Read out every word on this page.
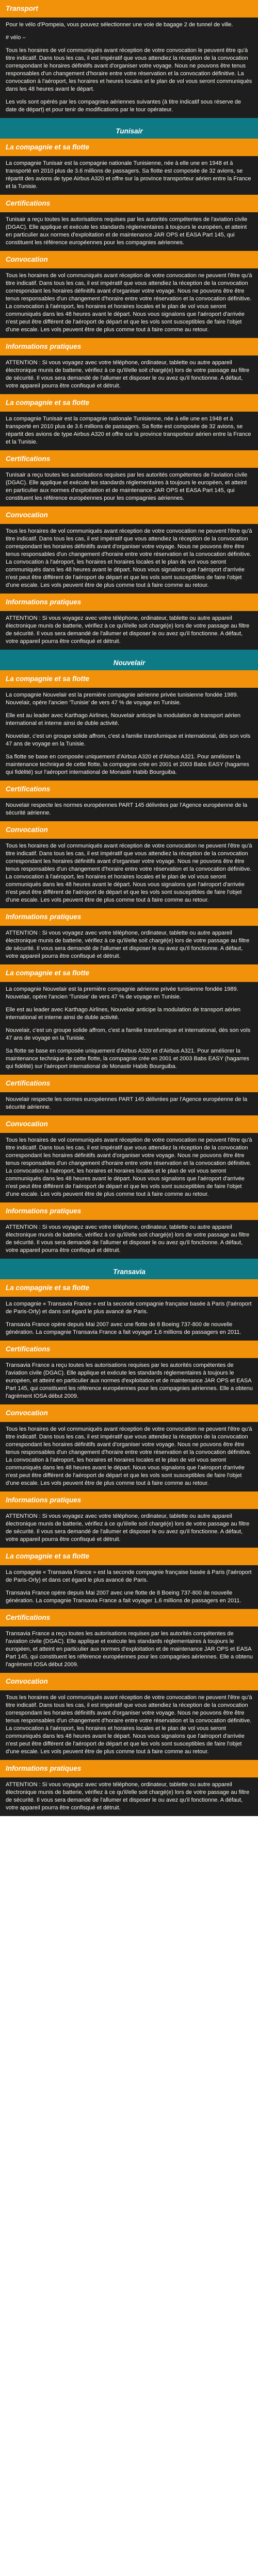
Transport

Pour le vélo d'Pompeia, vous pouvez sélectionner une voie de bagage 2 de tunnel de ville.

# vélo –

Tous les horaires de vol communiqués avant réception de votre convocation le peuvent être qu'à titre indicatif. Dans tous les cas, il est impératif que vous attendiez la réception de la convocation correspondant le horaires définitifs avant d'organiser votre voyage. Nous ne pouvons être tenus responsables d'un changement d'horaire entre votre réservation et la convocation définitive. La convocation à l'aéroport, les horaires et heures locales et le plan de vol vous seront communiqués dans les 48 heures avant le départ.

Les vols sont opérés par les compagnies aériennes suivantes (à titre indicatif sous réserve de date de départ) et pour tenir de modifications par le tour opérateur.

Tunisair
La compagnie et sa flotte

La compagnie Tunisair est la compagnie nationale Tunisienne, née à elle une en 1948 et à transporté en 2010 plus de 3.6 millions de passagers. Sa flotte est composée de 32 avions, se répartit des avions de type Airbus A320 et offre sur la province transporteur aérien entre la France et la Tunisie.

Certifications

Tunisair a reçu toutes les autorisations requises par les autorités compétentes de l'aviation civile (DGAC). Elle applique et exécute les standards réglementaires à toujours le européen, et atteint en particulier aux normes d'exploitation et de maintenance JAR OPS et EASA Part 145, qui constituent les référence européennes pour les compagnies aériennes.

Convocation

Tous les horaires de vol communiqués avant réception de votre convocation ne peuvent l'être qu'à titre indicatif. Dans tous les cas, il est impératif que vous attendiez la réception de la convocation correspondant les horaires définitifs avant d'organiser votre voyage. Nous ne pouvons être être tenus responsables d'un changement d'horaire entre votre réservation et la convocation définitive. La convocation à l'aéroport, les horaires et horaires locales et le plan de vol vous seront communiqués dans les 48 heures avant le départ. Nous vous signalons que l'aéroport d'arrivée n'est peut être différent de l'aéroport de départ et que les vols sont susceptibles de faire l'objet d'une escale. Les vols peuvent être de plus comme tout à faire comme au retour.

Informations pratiques

ATTENTION : Si vous voyagez avec votre téléphone, ordinateur, tablette ou autre appareil électronique munis de batterie, vérifiez à ce qu'il/elle soit chargé(e) lors de votre passage au filtre de sécurité. Il vous sera demandé de l'allumer et disposer le ou avez qu'il fonctionne. A défaut, votre appareil pourra être confisqué et détruit.

La compagnie et sa flotte

La compagnie Tunisair est la compagnie nationale Tunisienne, née à elle une en 1948 et à transporté en 2010 plus de 3.6 millions de passagers. Sa flotte est composée de 32 avions, se répartit des avions de type Airbus A320 et offre sur la province transporteur aérien entre la France et la Tunisie.

Certifications

Tunisair a reçu toutes les autorisations requises par les autorités compétentes de l'aviation civile (DGAC). Elle applique et exécute les standards réglementaires à toujours le européen, et atteint en particulier aux normes d'exploitation et de maintenance JAR OPS et EASA Part 145, qui constituent les référence européennes pour les compagnies aériennes.

Convocation

Tous les horaires de vol communiqués avant réception de votre convocation ne peuvent l'être qu'à titre indicatif. Dans tous les cas, il est impératif que vous attendiez la réception de la convocation correspondant les horaires définitifs avant d'organiser votre voyage. Nous ne pouvons être être tenus responsables d'un changement d'horaire entre votre réservation et la convocation définitive. La convocation à l'aéroport, les horaires et horaires locales et le plan de vol vous seront communiqués dans les 48 heures avant le départ. Nous vous signalons que l'aéroport d'arrivée n'est peut être différent de l'aéroport de départ et que les vols sont susceptibles de faire l'objet d'une escale. Les vols peuvent être de plus comme tout à faire comme au retour.

Informations pratiques

ATTENTION : Si vous voyagez avec votre téléphone, ordinateur, tablette ou autre appareil électronique munis de batterie, vérifiez à ce qu'il/elle soit chargé(e) lors de votre passage au filtre de sécurité. Il vous sera demandé de l'allumer et disposer le ou avez qu'il fonctionne. A défaut, votre appareil pourra être confisqué et détruit.

Nouvelair
La compagnie et sa flotte

La compagnie Nouvelair est la première compagnie aérienne privée tunisienne fondée 1989. Nouvelair, opère l'ancien 'Tunisie' de vers 47 % de voyage en Tunisie.

Elle est au leader avec Karthago Airlines, Nouvelair anticipe la modulation de transport aérien international et interne ainsi de duble activité.

Nouvelair, c'est un groupe solide affrom, c'est a familie transfumique et international, dès son vols 47 ans de voyage en la Tunisie.

Sa flotte se base en composée uniquement d'Airbus A320 et d'Airbus A321. Pour améliorer la maintenance technique de cette flotte, la compagnie crée en 2001 et 2003 Babs EASY (hagarres qui fidèlité) sur l'aéroport international de Monastir Habib Bourguiba.

Certifications

Nouvelair respecte les normes européennes PART 145 délivrées par l'Agence européenne de la sécurité aérienne.

Convocation

Tous les horaires de vol communiqués avant réception de votre convocation ne peuvent l'être qu'à titre indicatif. Dans tous les cas, il est impératif que vous attendiez la réception de la convocation correspondant les horaires définitifs avant d'organiser votre voyage. Nous ne pouvons être être tenus responsables d'un changement d'horaire entre votre réservation et la convocation définitive. La convocation à l'aéroport, les horaires et horaires locales et le plan de vol vous seront communiqués dans les 48 heures avant le départ. Nous vous signalons que l'aéroport d'arrivée n'est peut être différent de l'aéroport de départ et que les vols sont susceptibles de faire l'objet d'une escale. Les vols peuvent être de plus comme tout à faire comme au retour.

Informations pratiques

ATTENTION : Si vous voyagez avec votre téléphone, ordinateur, tablette ou autre appareil électronique munis de batterie, vérifiez à ce qu'il/elle soit chargé(e) lors de votre passage au filtre de sécurité. Il vous sera demandé de l'allumer et disposer le ou avez qu'il fonctionne. A défaut, votre appareil pourra être confisqué et détruit.

La compagnie et sa flotte

La compagnie Nouvelair est la première compagnie aérienne privée tunisienne fondée 1989. Nouvelair, opère l'ancien 'Tunisie' de vers 47 % de voyage en Tunisie.

Elle est au leader avec Karthago Airlines, Nouvelair anticipe la modulation de transport aérien international et interne ainsi de duble activité.

Nouvelair, c'est un groupe solide affrom, c'est a familie transfumique et international, dès son vols 47 ans de voyage en la Tunisie.

Sa flotte se base en composée uniquement d'Airbus A320 et d'Airbus A321. Pour améliorer la maintenance technique de cette flotte, la compagnie crée en 2001 et 2003 Babs EASY (hagarres qui fidèlité) sur l'aéroport international de Monastir Habib Bourguiba.

Certifications

Nouvelair respecte les normes européennes PART 145 délivrées par l'Agence européenne de la sécurité aérienne.

Convocation

Tous les horaires de vol communiqués avant réception de votre convocation ne peuvent l'être qu'à titre indicatif. Dans tous les cas, il est impératif que vous attendiez la réception de la convocation correspondant les horaires définitifs avant d'organiser votre voyage. Nous ne pouvons être être tenus responsables d'un changement d'horaire entre votre réservation et la convocation définitive. La convocation à l'aéroport, les horaires et horaires locales et le plan de vol vous seront communiqués dans les 48 heures avant le départ. Nous vous signalons que l'aéroport d'arrivée n'est peut être différent de l'aéroport de départ et que les vols sont susceptibles de faire l'objet d'une escale. Les vols peuvent être de plus comme tout à faire comme au retour.

Informations pratiques

ATTENTION : Si vous voyagez avec votre téléphone, ordinateur, tablette ou autre appareil électronique munis de batterie, vérifiez à ce qu'il/elle soit chargé(e) lors de votre passage au filtre de sécurité. Il vous sera demandé de l'allumer et disposer le ou avez qu'il fonctionne. A défaut, votre appareil pourra être confisqué et détruit.

Transavia
La compagnie et sa flotte

La compagnie « Transavia France » est la seconde compagnie française basée à Paris (l'aéroport de Paris-Orly) et dans cet égard le plus avancé de Paris.

Transavia France opère depuis Mai 2007 avec une flotte de 8 Boeing 737-800 de nouvelle génération. La compagnie Transavia France a fait voyager 1,6 millions de passagers en 2011.

Certifications

Transavia France a reçu toutes les autorisations requises par les autorités compétentes de l'aviation civile (DGAC). Elle applique et exécute les standards réglementaires à toujours le européen, et atteint en particulier aux normes d'exploitation et de maintenance JAR OPS et EASA Part 145, qui constituent les référence européennes pour les compagnies aériennes. Elle a obtenu l'agrément IOSA début 2009.

Convocation

Tous les horaires de vol communiqués avant réception de votre convocation ne peuvent l'être qu'à titre indicatif. Dans tous les cas, il est impératif que vous attendiez la réception de la convocation correspondant les horaires définitifs avant d'organiser votre voyage. Nous ne pouvons être être tenus responsables d'un changement d'horaire entre votre réservation et la convocation définitive. La convocation à l'aéroport, les horaires et horaires locales et le plan de vol vous seront communiqués dans les 48 heures avant le départ. Nous vous signalons que l'aéroport d'arrivée n'est peut être différent de l'aéroport de départ et que les vols sont susceptibles de faire l'objet d'une escale. Les vols peuvent être de plus comme tout à faire comme au retour.

Informations pratiques

ATTENTION : Si vous voyagez avec votre téléphone, ordinateur, tablette ou autre appareil électronique munis de batterie, vérifiez à ce qu'il/elle soit chargé(e) lors de votre passage au filtre de sécurité. Il vous sera demandé de l'allumer et disposer le ou avez qu'il fonctionne. A défaut, votre appareil pourra être confisqué et détruit.

La compagnie et sa flotte

La compagnie « Transavia France » est la seconde compagnie française basée à Paris (l'aéroport de Paris-Orly) et dans cet égard le plus avancé de Paris.

Transavia France opère depuis Mai 2007 avec une flotte de 8 Boeing 737-800 de nouvelle génération. La compagnie Transavia France a fait voyager 1,6 millions de passagers en 2011.

Certifications

Transavia France a reçu toutes les autorisations requises par les autorités compétentes de l'aviation civile (DGAC). Elle applique et exécute les standards réglementaires à toujours le européen, et atteint en particulier aux normes d'exploitation et de maintenance JAR OPS et EASA Part 145, qui constituent les référence européennes pour les compagnies aériennes. Elle a obtenu l'agrément IOSA début 2009.

Convocation

Tous les horaires de vol communiqués avant réception de votre convocation ne peuvent l'être qu'à titre indicatif. Dans tous les cas, il est impératif que vous attendiez la réception de la convocation correspondant les horaires définitifs avant d'organiser votre voyage. Nous ne pouvons être être tenus responsables d'un changement d'horaire entre votre réservation et la convocation définitive. La convocation à l'aéroport, les horaires et horaires locales et le plan de vol vous seront communiqués dans les 48 heures avant le départ. Nous vous signalons que l'aéroport d'arrivée n'est peut être différent de l'aéroport de départ et que les vols sont susceptibles de faire l'objet d'une escale. Les vols peuvent être de plus comme tout à faire comme au retour.

Informations pratiques

ATTENTION : Si vous voyagez avec votre téléphone, ordinateur, tablette ou autre appareil électronique munis de batterie, vérifiez à ce qu'il/elle soit chargé(e) lors de votre passage au filtre de sécurité. Il vous sera demandé de l'allumer et disposer le ou avez qu'il fonctionne. A défaut, votre appareil pourra être confisqué et détruit.
